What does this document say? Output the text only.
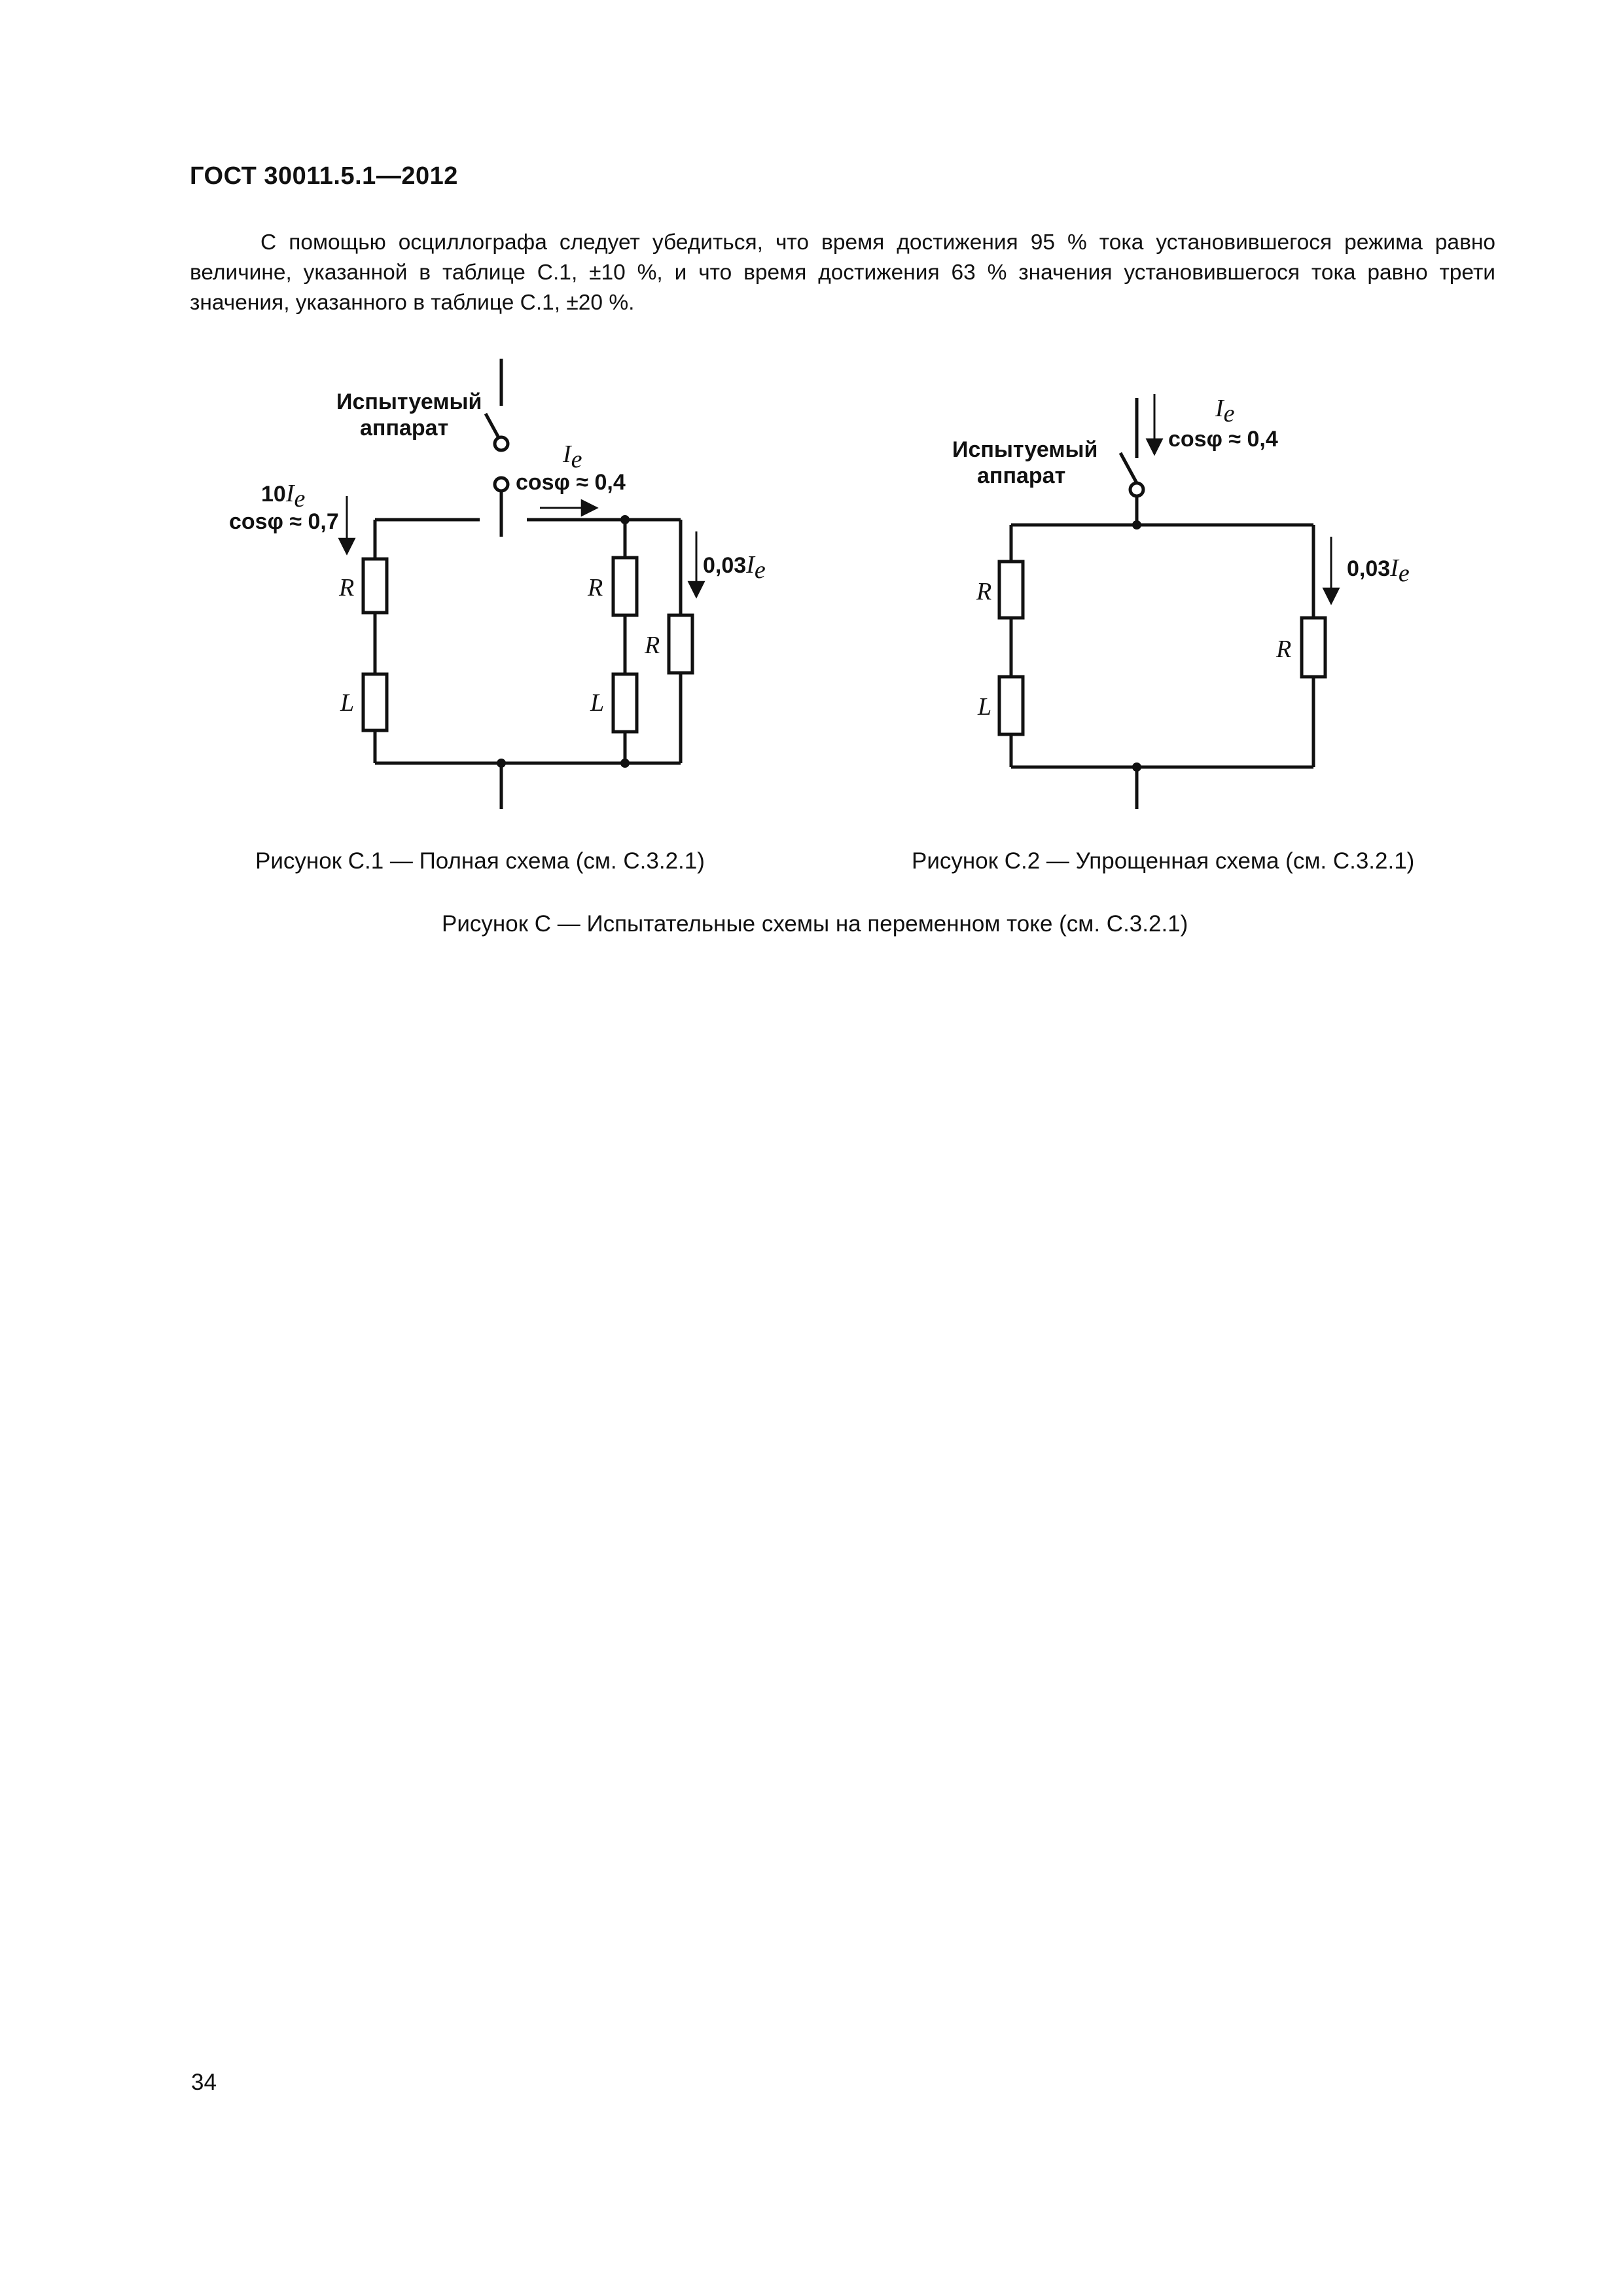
ГОСТ 30011.5.1—2012
С помощью осциллографа следует убедиться, что время достижения 95 % тока установившегося режима равно величине, указанной в таблице С.1, ±10 %, и что время достижения 63 % значения установившегося тока равно трети значения, указанного в таблице С.1, ±20 %.
Испытуемый
аппарат
10Ie
cosφ ≈ 0,7
Ie
cosφ ≈ 0,4
0,03Ie
R
L
R
L
R
Испытуемый
аппарат
Ie
cosφ ≈ 0,4
0,03Ie
R
L
R
Рисунок С.1 — Полная схема (см. С.3.2.1)	Рисунок С.2 — Упрощенная схема (см. С.3.2.1)
Рисунок С — Испытательные схемы на переменном токе (см. С.3.2.1)
34
